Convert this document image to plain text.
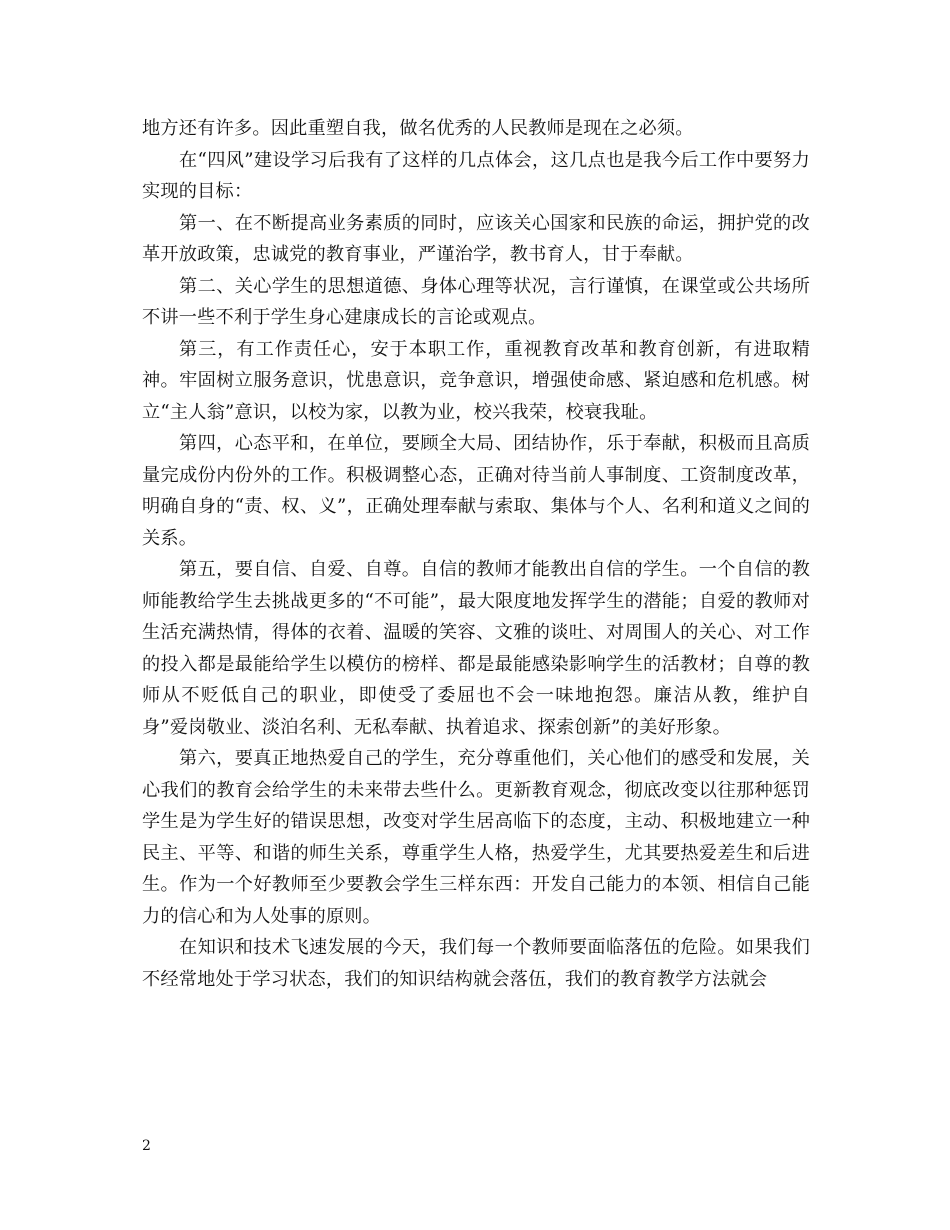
地方还有许多。因此重塑自我，做名优秀的人民教师是现在之必须。

在“四风”建设学习后我有了这样的几点体会，这几点也是我今后工作中要努力实现的目标：

第一、在不断提高业务素质的同时，应该关心国家和民族的命运，拥护党的改革开放政策，忠诚党的教育事业，严谨治学，教书育人，甘于奉献。

第二、关心学生的思想道德、身体心理等状况，言行谨慎，在课堂或公共场所不讲一些不利于学生身心建康成长的言论或观点。

第三，有工作责任心，安于本职工作，重视教育改革和教育创新，有进取精神。牢固树立服务意识，忧患意识，竞争意识，增强使命感、紧迫感和危机感。树立“主人翁”意识，以校为家，以教为业，校兴我荣，校衰我耻。

第四，心态平和，在单位，要顾全大局、团结协作，乐于奉献，积极而且高质量完成份内份外的工作。积极调整心态，正确对待当前人事制度、工资制度改革，明确自身的“责、权、义”，正确处理奉献与索取、集体与个人、名利和道义之间的关系。

第五，要自信、自爱、自尊。自信的教师才能教出自信的学生。一个自信的教师能教给学生去挑战更多的“不可能”，最大限度地发挥学生的潜能；自爱的教师对生活充满热情，得体的衣着、温暖的笑容、文雅的谈吐、对周围人的关心、对工作的投入都是最能给学生以模仿的榜样、都是最能感染影响学生的活教材；自尊的教师从不贬低自己的职业，即使受了委屈也不会一味地抱怨。廉洁从教，维护自身”爱岗敬业、淡泊名利、无私奉献、执着追求、探索创新”的美好形象。

第六，要真正地热爱自己的学生，充分尊重他们，关心他们的感受和发展，关心我们的教育会给学生的未来带去些什么。更新教育观念，彻底改变以往那种惩罚学生是为学生好的错误思想，改变对学生居高临下的态度，主动、积极地建立一种民主、平等、和谐的师生关系，尊重学生人格，热爱学生，尤其要热爱差生和后进生。作为一个好教师至少要教会学生三样东西：开发自己能力的本领、相信自己能力的信心和为人处事的原则。

在知识和技术飞速发展的今天，我们每一个教师要面临落伍的危险。如果我们不经常地处于学习状态，我们的知识结构就会落伍，我们的教育教学方法就会

2
